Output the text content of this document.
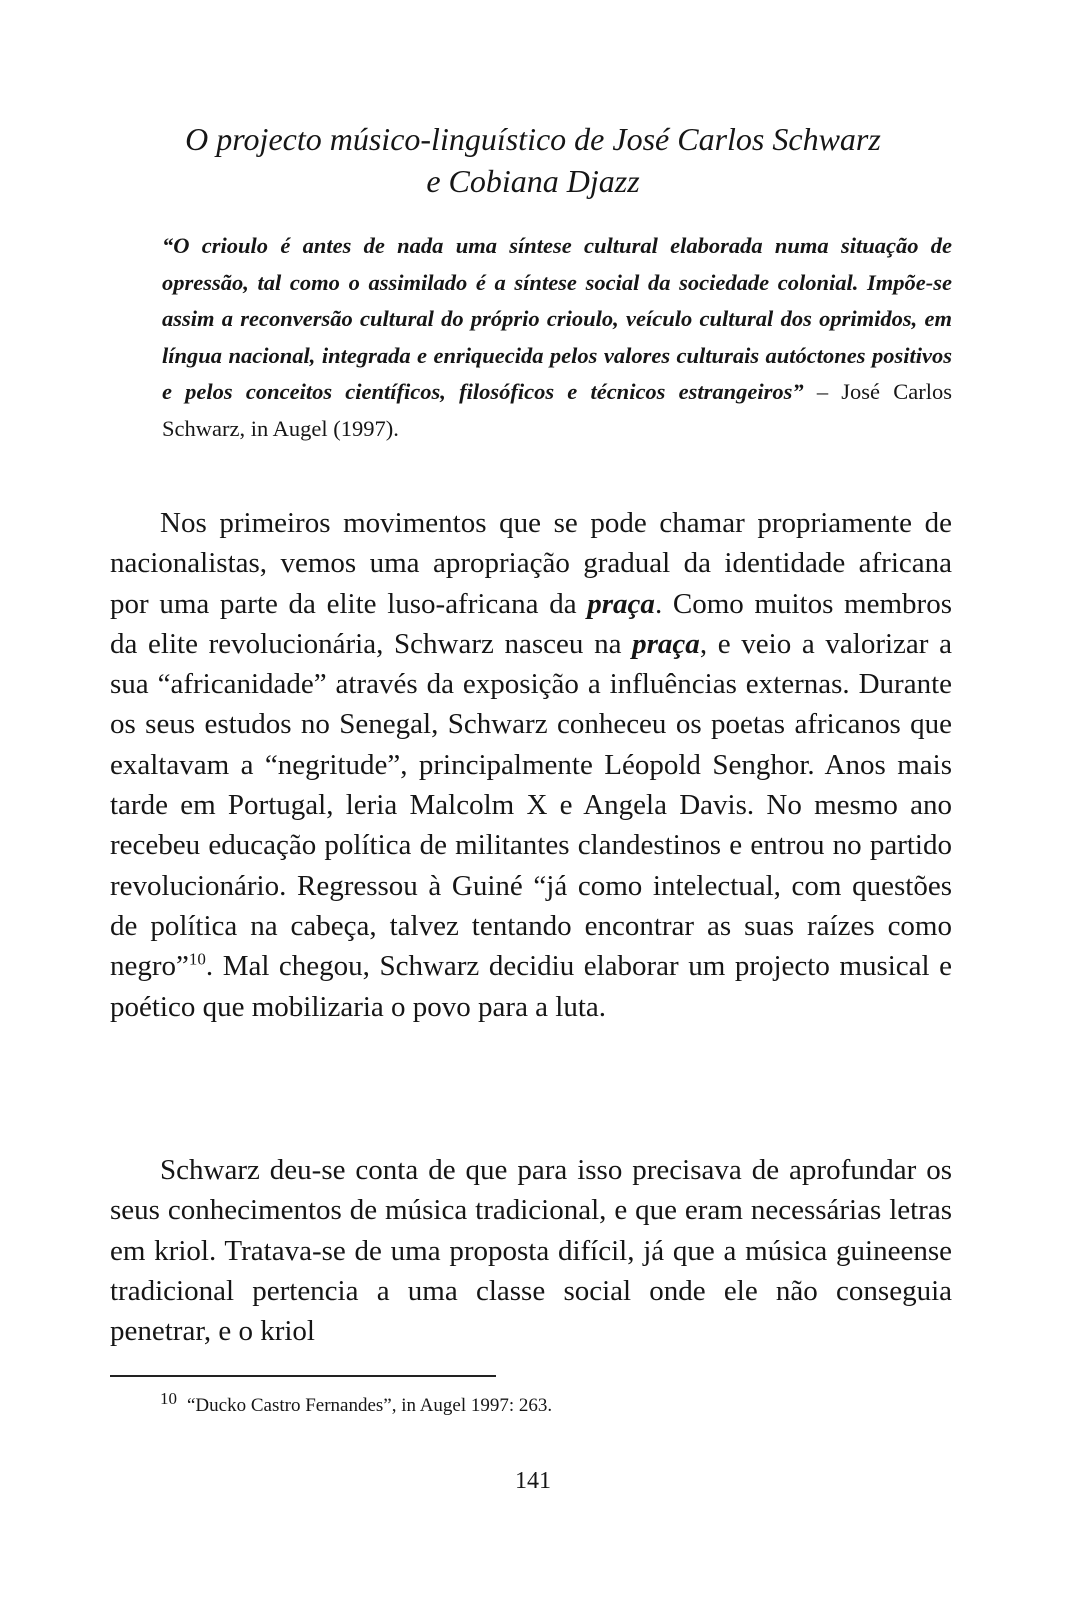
O projecto músico-linguístico de José Carlos Schwarz
e Cobiana Djazz

“O crioulo é antes de nada uma síntese cultural elaborada numa situação de opressão, tal como o assimilado é a síntese social da sociedade colonial. Impõe-se assim a reconversão cultural do próprio crioulo, veículo cultural dos oprimidos, em língua nacional, integrada e enriquecida pelos valores culturais autóctones positivos e pelos conceitos científicos, filosóficos e técnicos estrangeiros” – José Carlos Schwarz, in Augel (1997).

Nos primeiros movimentos que se pode chamar propriamente de nacionalistas, vemos uma apropriação gradual da identidade africana por uma parte da elite luso-africana da praça. Como muitos membros da elite revolucionária, Schwarz nasceu na praça, e veio a valorizar a sua “africanidade” através da exposição a influências externas. Durante os seus estudos no Senegal, Schwarz conheceu os poetas africanos que exaltavam a “negritude”, principalmente Léopold Senghor. Anos mais tarde em Portugal, leria Malcolm X e Angela Davis. No mesmo ano recebeu educação política de militantes clandestinos e entrou no partido revolucionário. Regressou à Guiné “já como intelectual, com questões de política na cabeça, talvez tentando encontrar as suas raízes como negro”$^{10}$. Mal chegou, Schwarz decidiu elaborar um projecto musical e poético que mobilizaria o povo para a luta.

Schwarz deu-se conta de que para isso precisava de aprofundar os seus conhecimentos de música tradicional, e que eram necessárias letras em kriol. Tratava-se de uma proposta difícil, já que a música guineense tradicional pertencia a uma classe social onde ele não conseguia penetrar, e o kriol

$^{10}$ “Ducko Castro Fernandes”, in Augel 1997: 263.

141
